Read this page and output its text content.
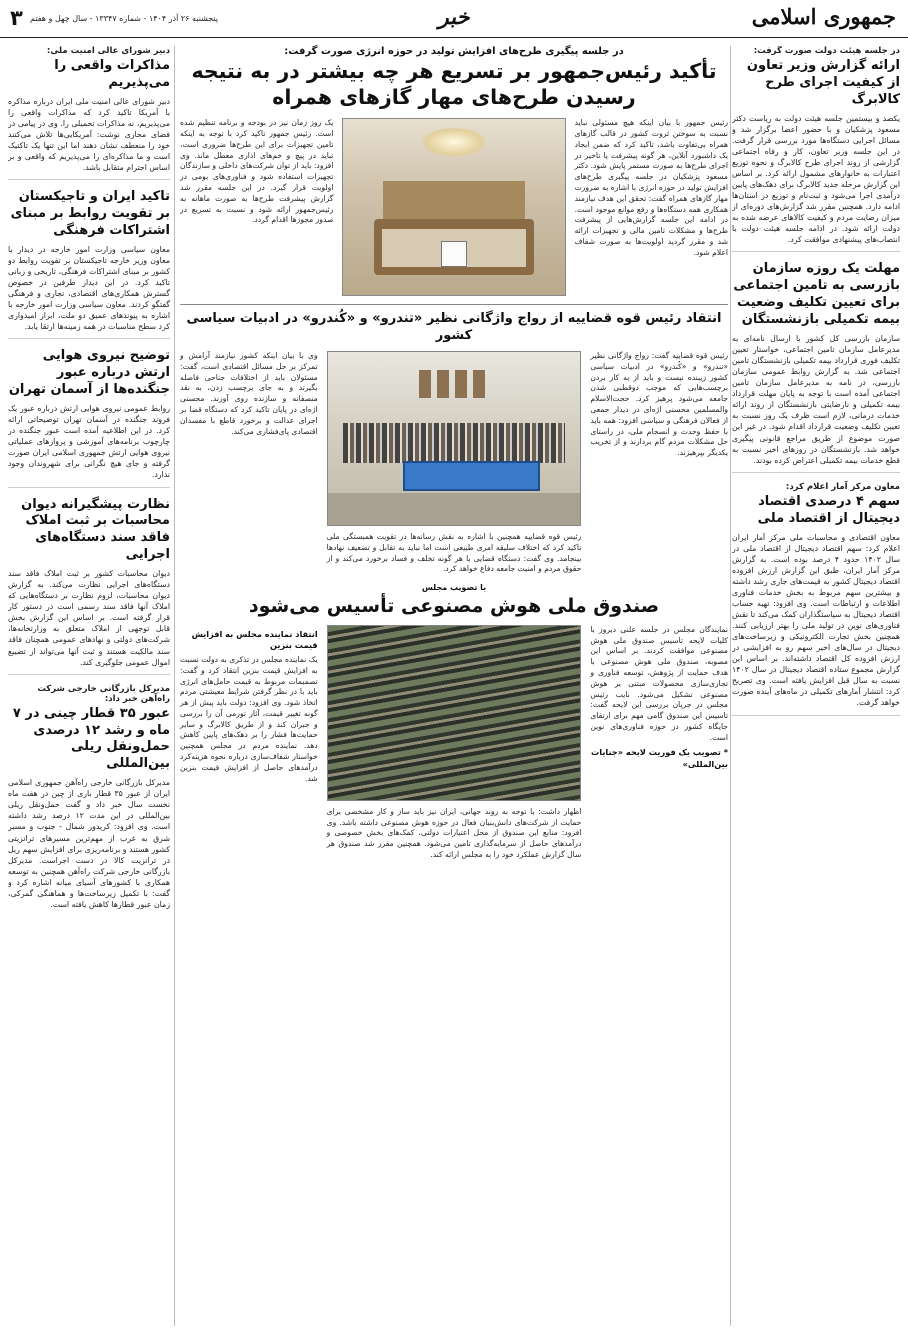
جمهوری اسلامی
خبر
پنجشنبه ۲۶ آذر ۱۴۰۴ - شماره ۱۳۳۴۷ - سال چهل و هفتم
۳
در جلسه هیئت دولت صورت گرفت:
ارائه گزارش وزیر تعاون از کیفیت اجرای طرح کالابرگ
یکصد و بیستمین جلسه هیئت دولت به ریاست دکتر مسعود پزشکیان و با حضور اعضا برگزار شد و مسائل اجرایی دستگاه‌ها مورد بررسی قرار گرفت. در این جلسه وزیر تعاون، کار و رفاه اجتماعی گزارشی از روند اجرای طرح کالابرگ و نحوه توزیع اعتبارات به خانوارهای مشمول ارائه کرد. بر اساس این گزارش مرحله جدید کالابرگ برای دهک‌های پایین درآمدی اجرا می‌شود و ثبت‌نام و توزیع در استان‌ها ادامه دارد. همچنین مقرر شد گزارش‌های دوره‌ای از میزان رضایت مردم و کیفیت کالاهای عرضه شده به دولت ارائه شود. در ادامه جلسه هیئت دولت با انتصاب‌های پیشنهادی موافقت کرد.
مهلت یک روزه سازمان بازرسی به تامین اجتماعی برای تعیین تکلیف وضعیت بیمه تکمیلی بازنشستگان
سازمان بازرسی کل کشور با ارسال نامه‌ای به مدیرعامل سازمان تامین اجتماعی، خواستار تعیین تکلیف فوری قرارداد بیمه تکمیلی بازنشستگان تامین اجتماعی شد. به گزارش روابط عمومی سازمان بازرسی، در نامه به مدیرعامل سازمان تامین اجتماعی آمده است با توجه به پایان مهلت قرارداد بیمه تکمیلی و نارضایتی بازنشستگان از روند ارائه خدمات درمانی، لازم است ظرف یک روز نسبت به تعیین تکلیف وضعیت قرارداد اقدام شود. در غیر این صورت موضوع از طریق مراجع قانونی پیگیری خواهد شد. بازنشستگان در روزهای اخیر نسبت به قطع خدمات بیمه تکمیلی اعتراض کرده بودند.
معاون مرکز آمار اعلام کرد:
سهم ۴ درصدی اقتصاد دیجیتال از اقتصاد ملی
معاون اقتصادی و محاسبات ملی مرکز آمار ایران اعلام کرد: سهم اقتصاد دیجیتال از اقتصاد ملی در سال ۱۴۰۲ حدود ۴ درصد بوده است. به گزارش مرکز آمار ایران، طبق این گزارش ارزش افزوده اقتصاد دیجیتال کشور به قیمت‌های جاری رشد داشته و بیشترین سهم مربوط به بخش خدمات فناوری اطلاعات و ارتباطات است. وی افزود: تهیه حساب اقتصاد دیجیتال به سیاستگذاران کمک می‌کند تا نقش فناوری‌های نوین در تولید ملی را بهتر ارزیابی کنند. همچنین بخش تجارت الکترونیکی و زیرساخت‌های دیجیتال در سال‌های اخیر سهم رو به افزایشی در ارزش افزوده کل اقتصاد داشته‌اند. بر اساس این گزارش مجموع ستاده اقتصاد دیجیتال در سال ۱۴۰۲ نسبت به سال قبل افزایش یافته است. وی تصریح کرد: انتشار آمارهای تکمیلی در ماه‌های آینده صورت خواهد گرفت.
در جلسه پیگیری طرح‌های افزایش تولید در حوزه انرژی صورت گرفت:
تأکید رئیس‌جمهور بر تسریع هر چه بیشتر در به نتیجه رسیدن طرح‌های مهار گازهای همراه
رئیس جمهور با بیان اینکه هیچ مسئولی نباید نسبت به سوختن ثروت کشور در قالب گازهای همراه بی‌تفاوت باشد، تاکید کرد که ضمن ایجاد یک داشبورد آنلاین، هر گونه پیشرفت یا تاخیر در اجرای طرح‌ها به صورت مستمر پایش شود. دکتر مسعود پزشکیان در جلسه پیگیری طرح‌های افزایش تولید در حوزه انرژی با اشاره به ضرورت مهار گازهای همراه گفت: تحقق این هدف نیازمند همکاری همه دستگاه‌ها و رفع موانع موجود است. در ادامه این جلسه گزارش‌هایی از پیشرفت طرح‌ها و مشکلات تامین مالی و تجهیزات ارائه شد و مقرر گردید اولویت‌ها به صورت شفاف اعلام شود.
یک روز زمان نیز در بودجه و برنامه تنظیم شده است. رئیس جمهور تاکید کرد با توجه به اینکه تامین تجهیزات برای این طرح‌ها ضروری است، نباید در پیچ و خم‌های اداری معطل ماند. وی افزود: باید از توان شرکت‌های داخلی و سازندگان تجهیزات استفاده شود و فناوری‌های بومی در اولویت قرار گیرد. در این جلسه مقرر شد گزارش پیشرفت طرح‌ها به صورت ماهانه به رئیس‌جمهور ارائه شود و نسبت به تسریع در صدور مجوزها اقدام گردد.
انتقاد رئیس قوه قضاییه از رواج واژگانی نظیر «تندرو» و «کُندرو» در ادبیات سیاسی کشور
رئیس قوه قضاییه گفت: رواج واژگانی نظیر «تندرو» و «کُندرو» در ادبیات سیاسی کشور زیبنده نیست و باید از به کار بردن برچسب‌هایی که موجب دوقطبی شدن جامعه می‌شود پرهیز کرد. حجت‌الاسلام والمسلمین محسنی اژه‌ای در دیدار جمعی از فعالان فرهنگی و سیاسی افزود: همه باید با حفظ وحدت و انسجام ملی، در راستای حل مشکلات مردم گام بردارند و از تخریب یکدیگر بپرهیزند.
رئیس قوه قضاییه همچنین با اشاره به نقش رسانه‌ها در تقویت همبستگی ملی تاکید کرد که اختلاف سلیقه امری طبیعی است اما نباید به تقابل و تضعیف نهادها بینجامد. وی گفت: دستگاه قضایی با هر گونه تخلف و فساد برخورد می‌کند و از حقوق مردم و امنیت جامعه دفاع خواهد کرد.
وی با بیان اینکه کشور نیازمند آرامش و تمرکز بر حل مسائل اقتصادی است، گفت: مسئولان باید از اختلافات جناحی فاصله بگیرند و به جای برچسب زدن، به نقد منصفانه و سازنده روی آورند. محسنی اژه‌ای در پایان تاکید کرد که دستگاه قضا بر اجرای عدالت و برخورد قاطع با مفسدان اقتصادی پای‌فشاری می‌کند.
با تصویب مجلس
صندوق ملی هوش مصنوعی تأسیس می‌شود
نمایندگان مجلس در جلسه علنی دیروز با کلیات لایحه تاسیس صندوق ملی هوش مصنوعی موافقت کردند. بر اساس این مصوبه، صندوق ملی هوش مصنوعی با هدف حمایت از پژوهش، توسعه فناوری و تجاری‌سازی محصولات مبتنی بر هوش مصنوعی تشکیل می‌شود. نایب رئیس مجلس در جریان بررسی این لایحه گفت: تاسیس این صندوق گامی مهم برای ارتقای جایگاه کشور در حوزه فناوری‌های نوین است.
* تصویب یک فوریت لایحه «جنایات بین‌المللی»
اظهار داشت: با توجه به روند جهانی، ایران نیز باید ساز و کار مشخصی برای حمایت از شرکت‌های دانش‌بنیان فعال در حوزه هوش مصنوعی داشته باشد. وی افزود: منابع این صندوق از محل اعتبارات دولتی، کمک‌های بخش خصوصی و درآمدهای حاصل از سرمایه‌گذاری تامین می‌شود. همچنین مقرر شد صندوق هر سال گزارش عملکرد خود را به مجلس ارائه کند.
انتقاد نماینده مجلس به افزایش قیمت بنزین
یک نماینده مجلس در تذکری به دولت نسبت به افزایش قیمت بنزین انتقاد کرد و گفت: تصمیمات مربوط به قیمت حامل‌های انرژی باید با در نظر گرفتن شرایط معیشتی مردم اتخاذ شود. وی افزود: دولت باید پیش از هر گونه تغییر قیمت، آثار تورمی آن را بررسی و جبران کند و از طریق کالابرگ و سایر حمایت‌ها فشار را بر دهک‌های پایین کاهش دهد. نماینده مردم در مجلس همچنین خواستار شفاف‌سازی درباره نحوه هزینه‌کرد درآمدهای حاصل از افزایش قیمت بنزین شد.
دبیر شورای عالی امنیت ملی:
مذاکرات واقعی را می‌پذیریم
دبیر شورای عالی امنیت ملی ایران درباره مذاکره با آمریکا تاکید کرد که مذاکرات واقعی را می‌پذیریم، نه مذاکرات تحمیلی را. وی در پیامی در فضای مجازی نوشت: آمریکایی‌ها تلاش می‌کنند خود را منعطف نشان دهند اما این تنها یک تاکتیک است و ما مذاکره‌ای را می‌پذیریم که واقعی و بر اساس احترام متقابل باشد.
تاکید ایران و تاجیکستان بر تقویت روابط بر مبنای اشتراکات فرهنگی
معاون سیاسی وزارت امور خارجه در دیدار با معاون وزیر خارجه تاجیکستان بر تقویت روابط دو کشور بر مبنای اشتراکات فرهنگی، تاریخی و زبانی تاکید کرد. در این دیدار طرفین در خصوص گسترش همکاری‌های اقتصادی، تجاری و فرهنگی گفتگو کردند. معاون سیاسی وزارت امور خارجه با اشاره به پیوندهای عمیق دو ملت، ابراز امیدواری کرد سطح مناسبات در همه زمینه‌ها ارتقا یابد.
توضیح نیروی هوایی ارتش درباره عبور جنگنده‌ها از آسمان تهران
روابط عمومی نیروی هوایی ارتش درباره عبور یک فروند جنگنده در آسمان تهران توضیحاتی ارائه کرد. در این اطلاعیه آمده است عبور جنگنده در چارچوب برنامه‌های آموزشی و پروازهای عملیاتی نیروی هوایی ارتش جمهوری اسلامی ایران صورت گرفته و جای هیچ نگرانی برای شهروندان وجود ندارد.
نظارت پیشگیرانه دیوان محاسبات بر ثبت املاک فاقد سند دستگاه‌های اجرایی
دیوان محاسبات کشور بر ثبت املاک فاقد سند دستگاه‌های اجرایی نظارت می‌کند. به گزارش دیوان محاسبات، لزوم نظارت بر دستگاه‌هایی که املاک آنها فاقد سند رسمی است در دستور کار قرار گرفته است. بر اساس این گزارش بخش قابل توجهی از املاک متعلق به وزارتخانه‌ها، شرکت‌های دولتی و نهادهای عمومی همچنان فاقد سند مالکیت هستند و ثبت آنها می‌تواند از تضییع اموال عمومی جلوگیری کند.
مدیرکل بازرگانی خارجی شرکت راه‌آهن خبر داد:
عبور ۳۵ قطار چینی در ۷ ماه و رشد ۱۲ درصدی حمل‌ونقل ریلی بین‌المللی
مدیرکل بازرگانی خارجی راه‌آهن جمهوری اسلامی ایران از عبور ۳۵ قطار باری از چین در هفت ماه نخست سال خبر داد و گفت حمل‌ونقل ریلی بین‌المللی در این مدت ۱۲ درصد رشد داشته است. وی افزود: کریدور شمال - جنوب و مسیر شرق به غرب از مهم‌ترین مسیرهای ترانزیتی کشور هستند و برنامه‌ریزی برای افزایش سهم ریل در ترانزیت کالا در دست اجراست. مدیرکل بازرگانی خارجی شرکت راه‌آهن همچنین به توسعه همکاری با کشورهای آسیای میانه اشاره کرد و گفت: با تکمیل زیرساخت‌ها و هماهنگی گمرکی، زمان عبور قطارها کاهش یافته است.
